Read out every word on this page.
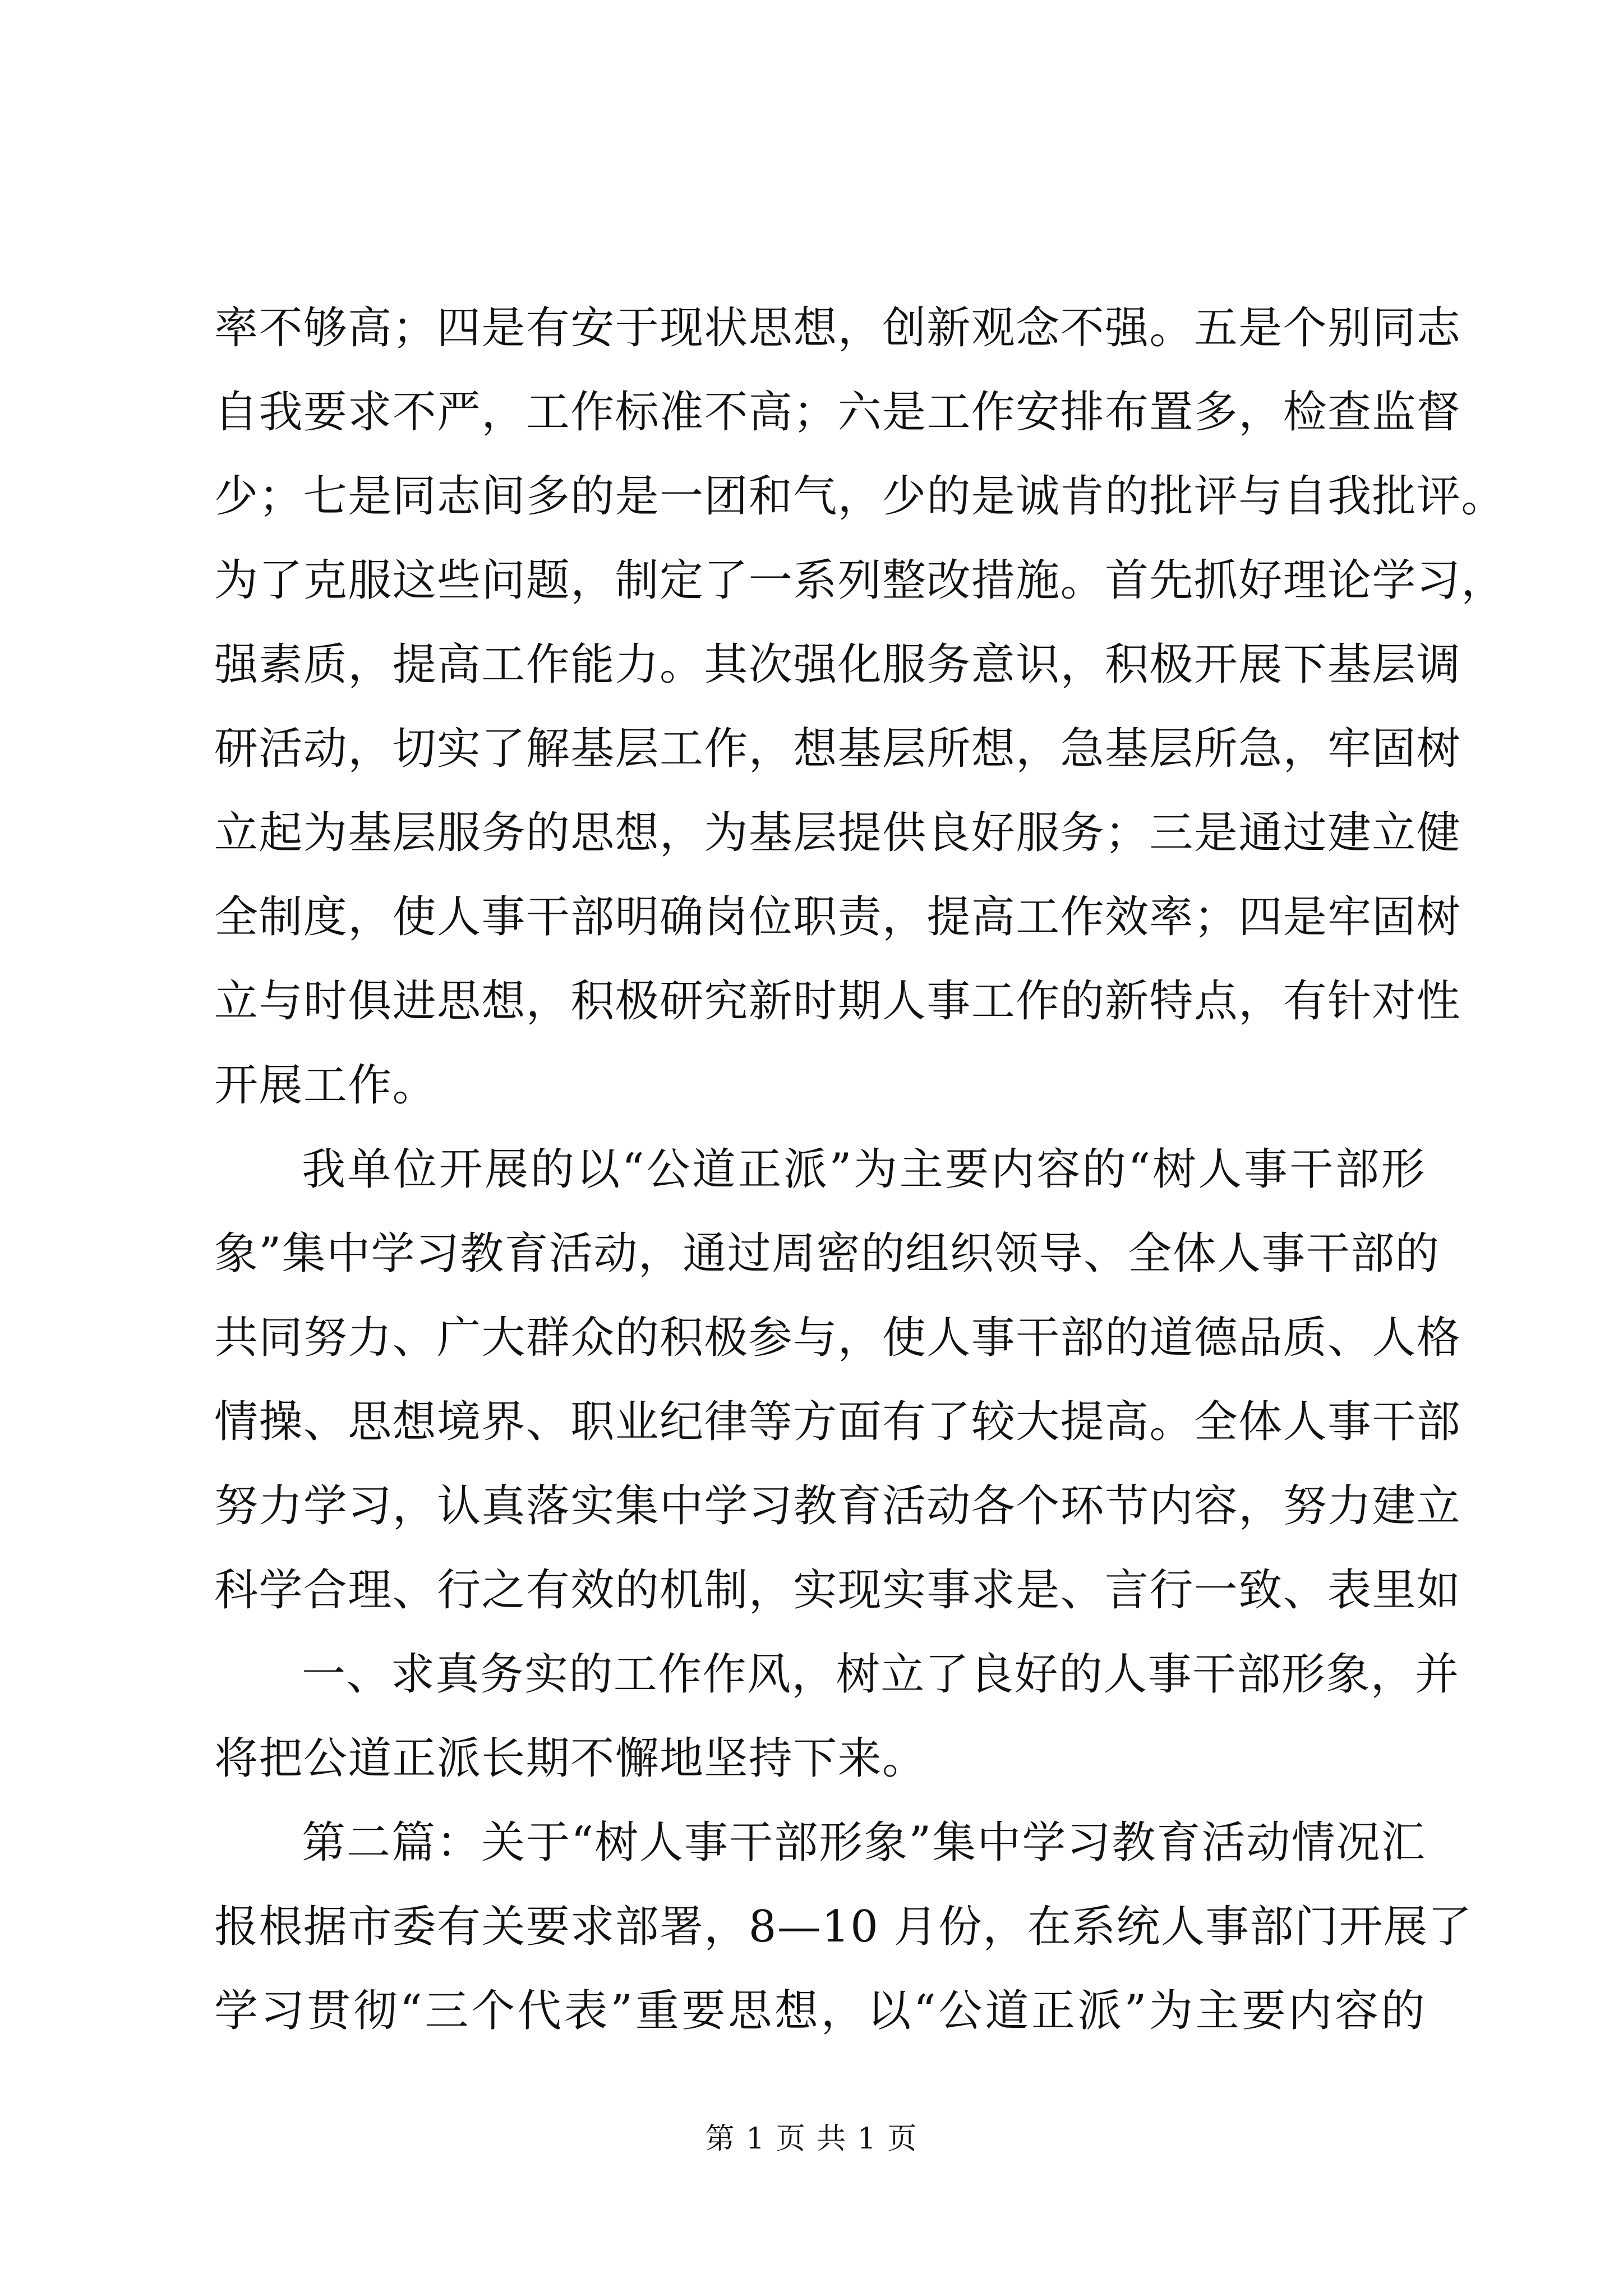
率不够高；四是有安于现状思想，创新观念不强。五是个别同志
自我要求不严，工作标准不高；六是工作安排布置多，检查监督
少；七是同志间多的是一团和气，少的是诚肯的批评与自我批评。
为了克服这些问题，制定了一系列整改措施。首先抓好理论学习，
强素质，提高工作能力。其次强化服务意识，积极开展下基层调
研活动，切实了解基层工作，想基层所想，急基层所急，牢固树
立起为基层服务的思想，为基层提供良好服务；三是通过建立健
全制度，使人事干部明确岗位职责，提高工作效率；四是牢固树
立与时俱进思想，积极研究新时期人事工作的新特点，有针对性
开展工作。
我单位开展的以“公道正派”为主要内容的“树人事干部形
象”集中学习教育活动，通过周密的组织领导、全体人事干部的
共同努力、广大群众的积极参与，使人事干部的道德品质、人格
情操、思想境界、职业纪律等方面有了较大提高。全体人事干部
努力学习，认真落实集中学习教育活动各个环节内容，努力建立
科学合理、行之有效的机制，实现实事求是、言行一致、表里如
一、求真务实的工作作风，树立了良好的人事干部形象，并
将把公道正派长期不懈地坚持下来。
第二篇：关于“树人事干部形象”集中学习教育活动情况汇
报根据市委有关要求部署，8—10 月份，在系统人事部门开展了
学习贯彻“三个代表”重要思想，以“公道正派”为主要内容的
第 1 页 共 1 页
